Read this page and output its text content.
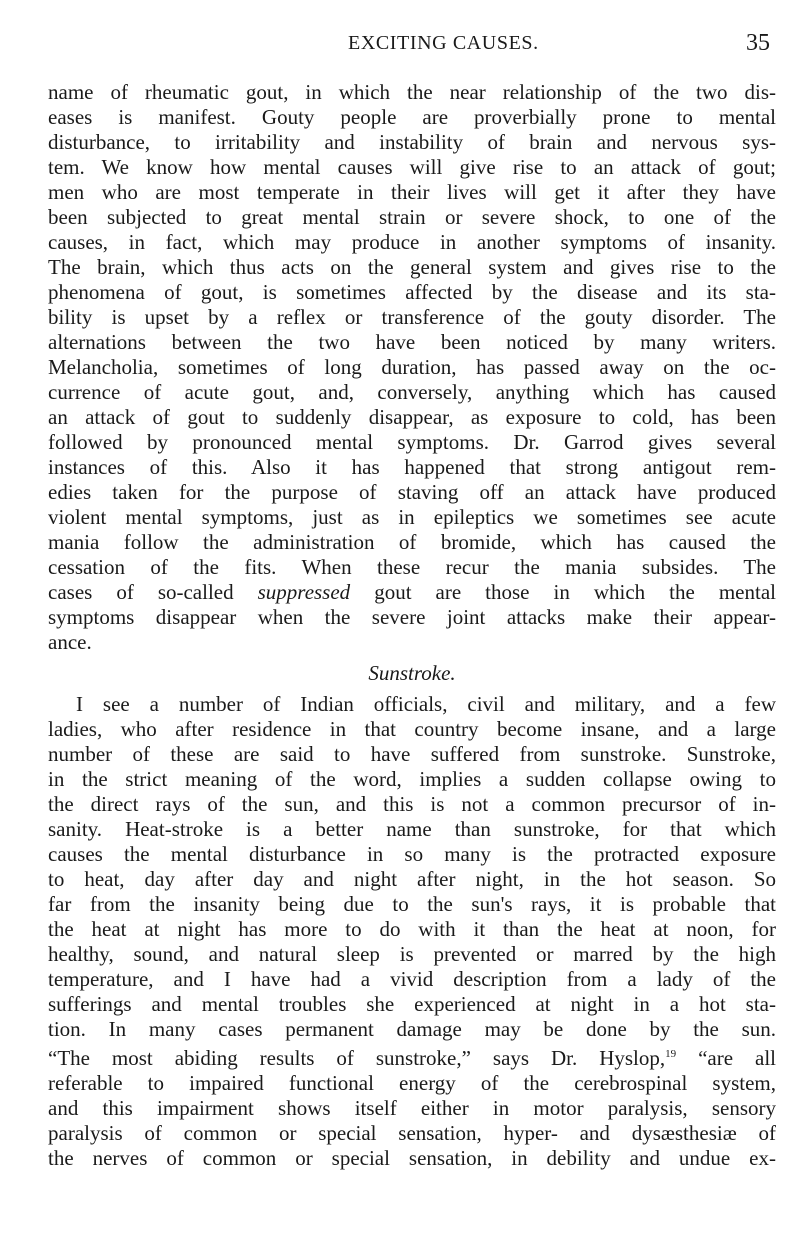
EXCITING CAUSES.	35
name of rheumatic gout, in which the near relationship of the two dis-
eases is manifest. Gouty people are proverbially prone to mental
disturbance, to irritability and instability of brain and nervous sys-
tem. We know how mental causes will give rise to an attack of gout;
men who are most temperate in their lives will get it after they have
been subjected to great mental strain or severe shock, to one of the
causes, in fact, which may produce in another symptoms of insanity.
The brain, which thus acts on the general system and gives rise to the
phenomena of gout, is sometimes affected by the disease and its sta-
bility is upset by a reflex or transference of the gouty disorder. The
alternations between the two have been noticed by many writers.
Melancholia, sometimes of long duration, has passed away on the oc-
currence of acute gout, and, conversely, anything which has caused
an attack of gout to suddenly disappear, as exposure to cold, has been
followed by pronounced mental symptoms. Dr. Garrod gives several
instances of this. Also it has happened that strong antigout rem-
edies taken for the purpose of staving off an attack have produced
violent mental symptoms, just as in epileptics we sometimes see acute
mania follow the administration of bromide, which has caused the
cessation of the fits. When these recur the mania subsides. The
cases of so-called suppressed gout are those in which the mental
symptoms disappear when the severe joint attacks make their appear-
ance.
Sunstroke.
I see a number of Indian officials, civil and military, and a few
ladies, who after residence in that country become insane, and a large
number of these are said to have suffered from sunstroke. Sunstroke,
in the strict meaning of the word, implies a sudden collapse owing to
the direct rays of the sun, and this is not a common precursor of in-
sanity. Heat-stroke is a better name than sunstroke, for that which
causes the mental disturbance in so many is the protracted exposure
to heat, day after day and night after night, in the hot season. So
far from the insanity being due to the sun's rays, it is probable that
the heat at night has more to do with it than the heat at noon, for
healthy, sound, and natural sleep is prevented or marred by the high
temperature, and I have had a vivid description from a lady of the
sufferings and mental troubles she experienced at night in a hot sta-
tion. In many cases permanent damage may be done by the sun.
“The most abiding results of sunstroke,” says Dr. Hyslop,$^{19}$ “are all
referable to impaired functional energy of the cerebrospinal system,
and this impairment shows itself either in motor paralysis, sensory
paralysis of common or special sensation, hyper- and dysæsthesiæ of
the nerves of common or special sensation, in debility and undue ex-
